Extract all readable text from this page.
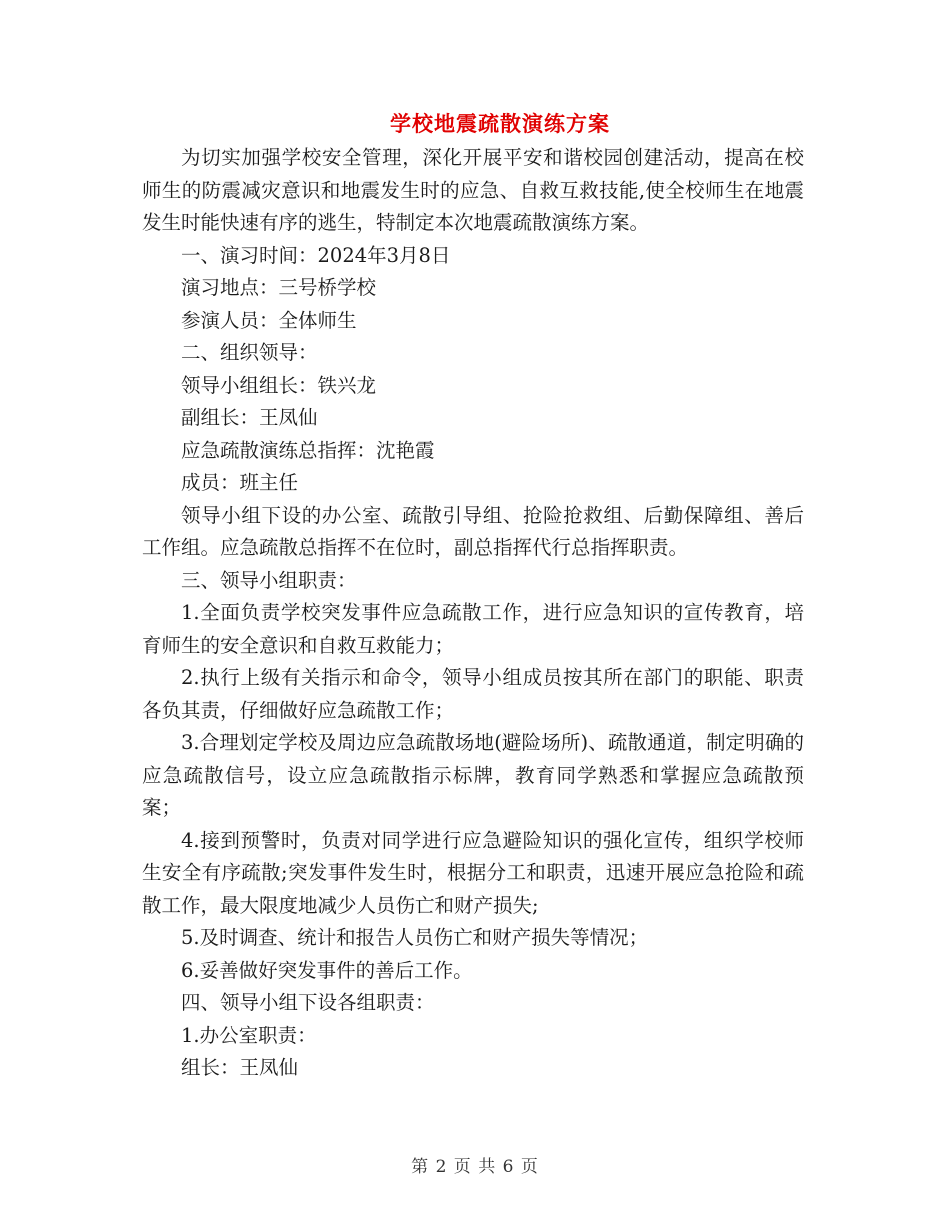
学校地震疏散演练方案

为切实加强学校安全管理，深化开展平安和谐校园创建活动，提高在校师生的防震减灾意识和地震发生时的应急、自救互救技能,使全校师生在地震发生时能快速有序的逃生，特制定本次地震疏散演练方案。

一、演习时间：2024年3月8日

演习地点：三号桥学校

参演人员：全体师生

二、组织领导：

领导小组组长：铁兴龙

副组长：王凤仙

应急疏散演练总指挥：沈艳霞

成员：班主任

领导小组下设的办公室、疏散引导组、抢险抢救组、后勤保障组、善后工作组。应急疏散总指挥不在位时，副总指挥代行总指挥职责。

三、领导小组职责：

1.全面负责学校突发事件应急疏散工作，进行应急知识的宣传教育，培育师生的安全意识和自救互救能力；

2.执行上级有关指示和命令，领导小组成员按其所在部门的职能、职责各负其责，仔细做好应急疏散工作；

3.合理划定学校及周边应急疏散场地(避险场所)、疏散通道，制定明确的应急疏散信号，设立应急疏散指示标牌，教育同学熟悉和掌握应急疏散预案；

4.接到预警时，负责对同学进行应急避险知识的强化宣传，组织学校师生安全有序疏散;突发事件发生时，根据分工和职责，迅速开展应急抢险和疏散工作，最大限度地减少人员伤亡和财产损失;

5.及时调查、统计和报告人员伤亡和财产损失等情况；

6.妥善做好突发事件的善后工作。

四、领导小组下设各组职责：

1.办公室职责：

组长：王凤仙

第 2 页 共 6 页
